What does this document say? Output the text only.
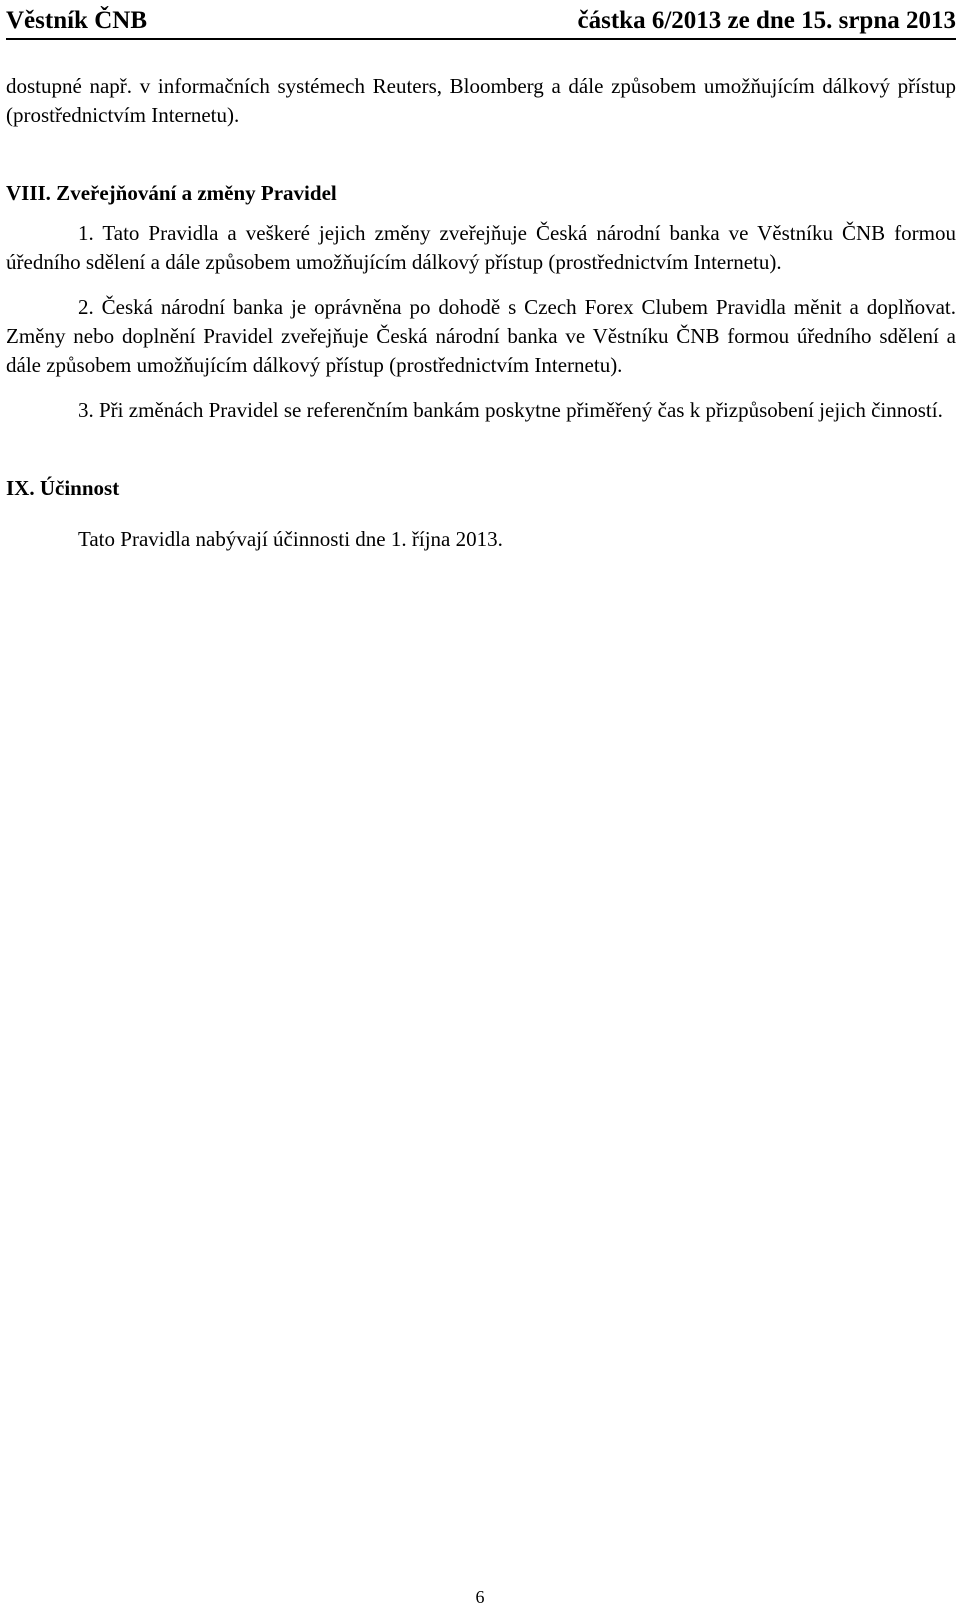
Věstník ČNB	částka 6/2013 ze dne 15. srpna 2013

dostupné např. v informačních systémech Reuters, Bloomberg a dále způsobem umožňujícím dálkový přístup (prostřednictvím Internetu).

VIII. Zveřejňování a změny Pravidel

1. Tato Pravidla a veškeré jejich změny zveřejňuje Česká národní banka ve Věstníku ČNB formou úředního sdělení a dále způsobem umožňujícím dálkový přístup (prostřednictvím Internetu).

2. Česká národní banka je oprávněna po dohodě s Czech Forex Clubem Pravidla měnit a doplňovat. Změny nebo doplnění Pravidel zveřejňuje Česká národní banka ve Věstníku ČNB formou úředního sdělení a dále způsobem umožňujícím dálkový přístup (prostřednictvím Internetu).

3. Při změnách Pravidel se referenčním bankám poskytne přiměřený čas k přizpůsobení jejich činností.

IX. Účinnost

Tato Pravidla nabývají účinnosti dne 1. října 2013.

6
